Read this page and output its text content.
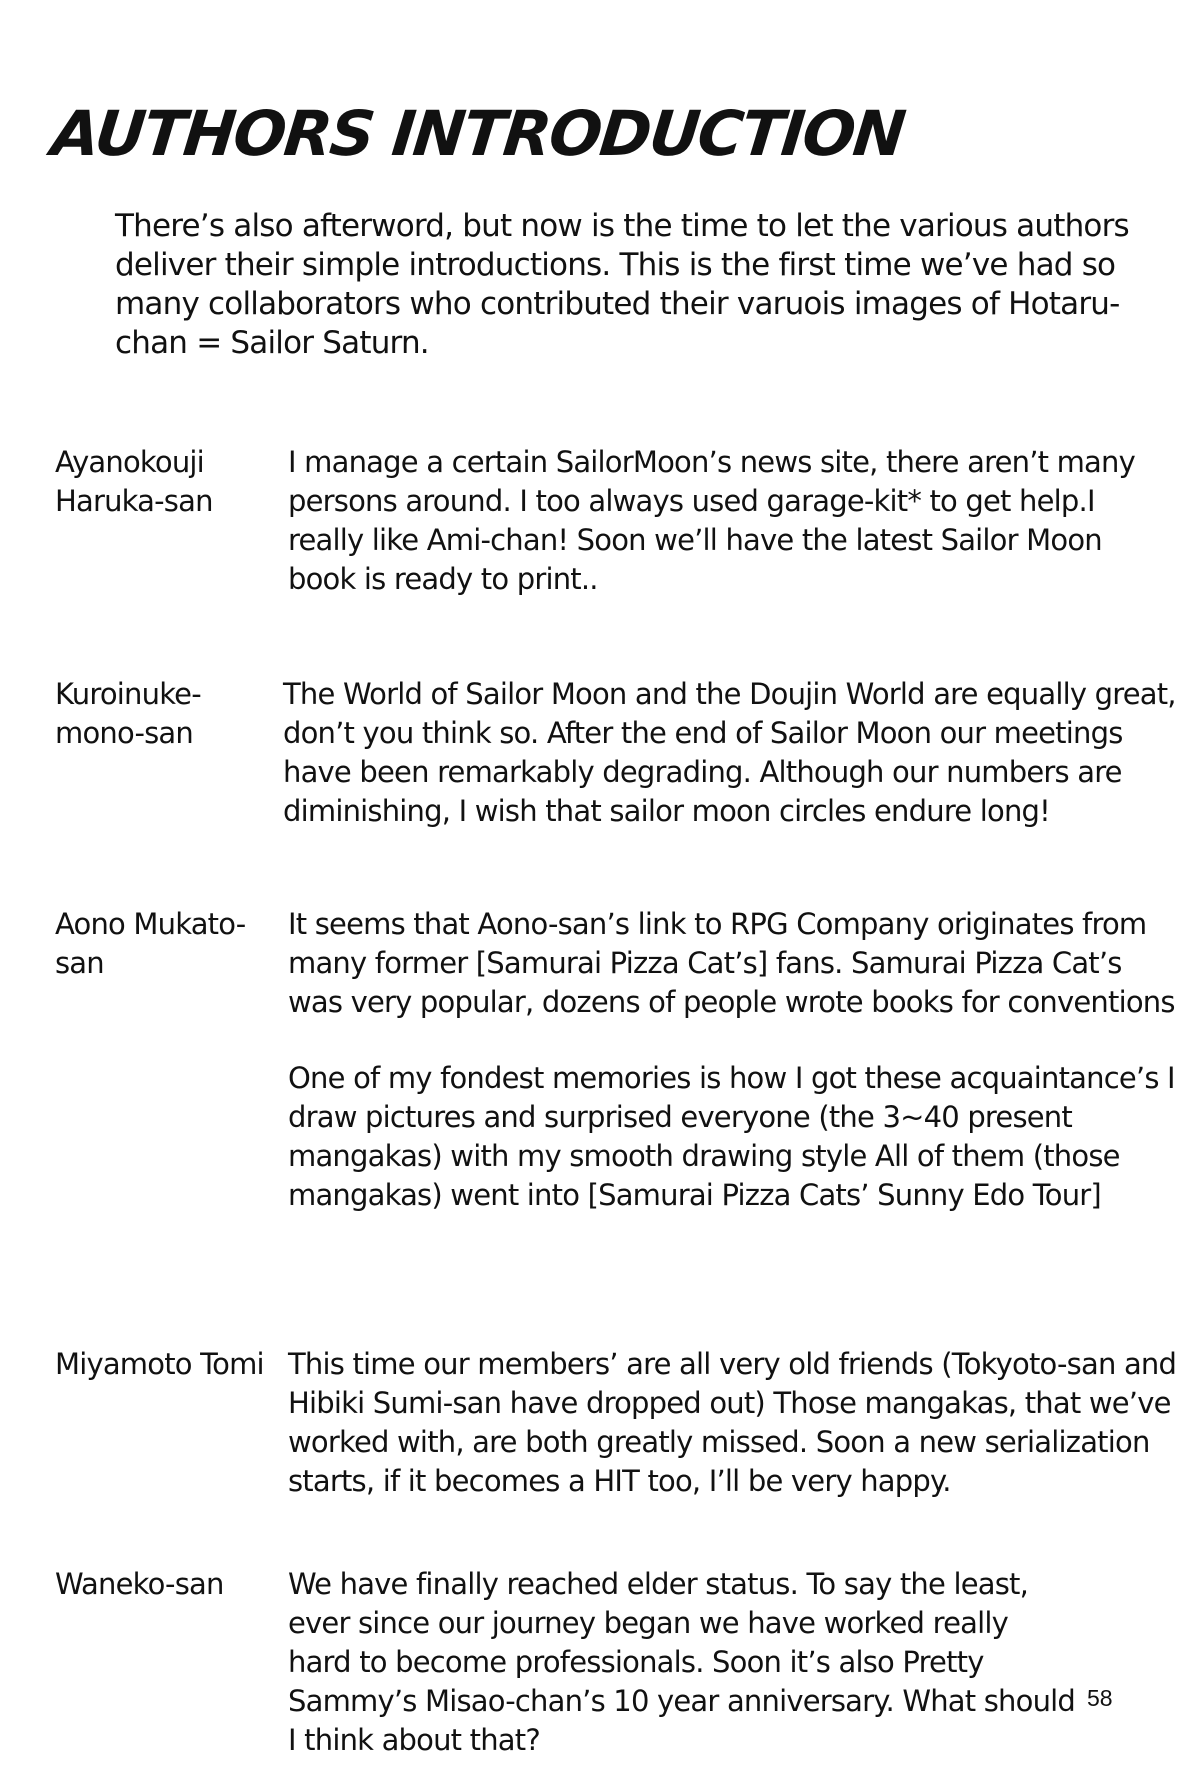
AUTHORS INTRODUCTION

There’s also afterword, but now is the time to let the various authors deliver their simple introductions. This is the first time we’ve had so many collaborators who contributed their varuois images of Hotaru-chan = Sailor Saturn.

Ayanokouji Haruka-san

I manage a certain SailorMoon’s news site, there aren’t many persons around. I too always used garage-kit* to get help.I really like Ami-chan! Soon we’ll have the latest Sailor Moon book is ready to print..

Kuroinuke-mono-san

The World of Sailor Moon and the Doujin World are equally great, don’t you think so. After the end of Sailor Moon our meetings have been remarkably degrading. Although our numbers are diminishing, I wish that sailor moon circles endure long!

Aono Mukato-san

It seems that Aono-san’s link to RPG Company originates from many former [Samurai Pizza Cat’s] fans. Samurai Pizza Cat’s was very popular, dozens of people wrote books for conventions

One of my fondest memories is how I got these acquaintance’s I draw pictures and surprised everyone (the 3~40 present mangakas) with my smooth drawing style All of them (those mangakas) went into [Samurai Pizza Cats’ Sunny Edo Tour]

Miyamoto Tomi This time our members’ are all very old friends (Tokyoto-san and Hibiki Sumi-san have dropped out) Those mangakas, that we’ve worked with, are both greatly missed. Soon a new serialization starts, if it becomes a HIT too, I’ll be very happy.

Waneko-san	We have finally reached elder status. To say the least, ever since our journey began we have worked really hard to become professionals. Soon it’s also Pretty Sammy’s Misao-chan’s 10 year anniversary. What should I think about that?

58
